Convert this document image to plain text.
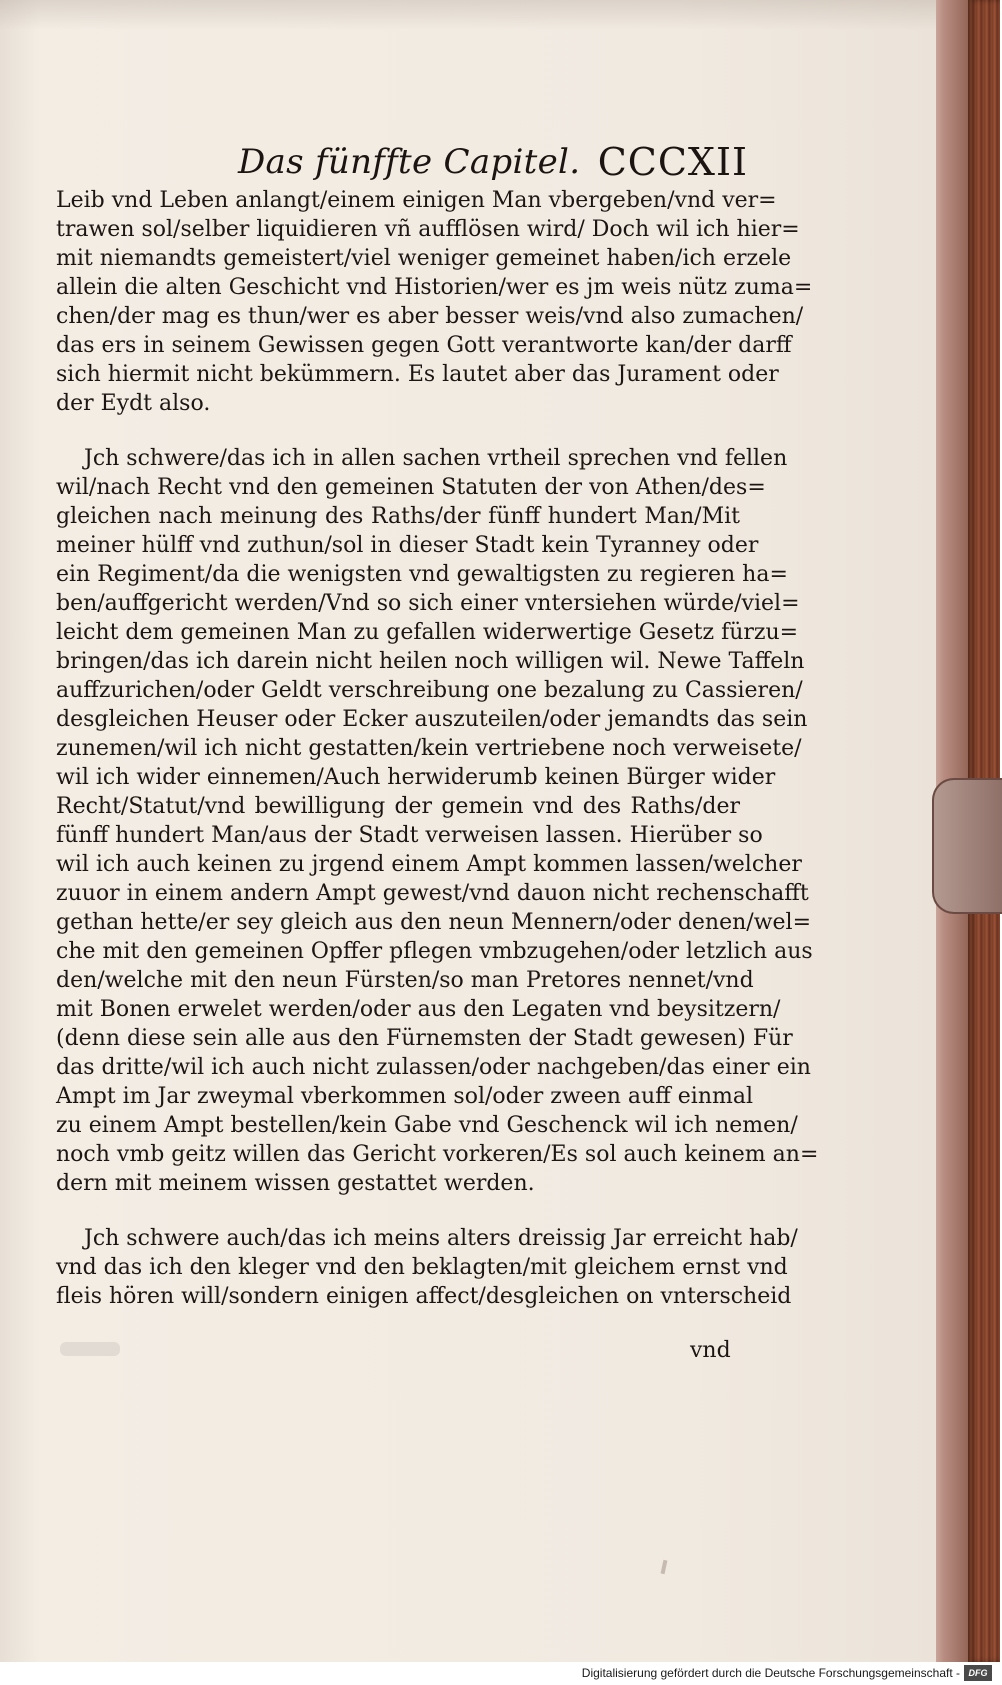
Das fünffte Capitel. CCCXII
Leib vnd Leben anlangt/einem einigen Man vbergeben/vnd ver=
trawen sol/selber liquidieren vñ aufflösen wird/ Doch wil ich hier=
mit niemandts gemeistert/viel weniger gemeinet haben/ich erzele
allein die alten Geschicht vnd Historien/wer es jm weis nütz zuma=
chen/der mag es thun/wer es aber besser weis/vnd also zumachen/
das ers in seinem Gewissen gegen Gott verantworte kan/der darff
sich hiermit nicht bekümmern. Es lautet aber das Jurament oder
der Eydt also.
Jch schwere/das ich in allen sachen vrtheil sprechen vnd fellen
wil/nach Recht vnd den gemeinen Statuten der von Athen/des=
gleichen nach meinung des Raths/der fünff hundert Man/Mit
meiner hülff vnd zuthun/sol in dieser Stadt kein Tyranney oder
ein Regiment/da die wenigsten vnd gewaltigsten zu regieren ha=
ben/auffgericht werden/Vnd so sich einer vntersiehen würde/viel=
leicht dem gemeinen Man zu gefallen widerwertige Gesetz fürzu=
bringen/das ich darein nicht heilen noch willigen wil. Newe Taffeln
auffzurichen/oder Geldt verschreibung one bezalung zu Cassieren/
desgleichen Heuser oder Ecker auszuteilen/oder jemandts das sein
zunemen/wil ich nicht gestatten/kein vertriebene noch verweisete/
wil ich wider einnemen/Auch herwiderumb keinen Bürger wider
Recht/Statut/vnd bewilligung der gemein vnd des Raths/der
fünff hundert Man/aus der Stadt verweisen lassen. Hierüber so
wil ich auch keinen zu jrgend einem Ampt kommen lassen/welcher
zuuor in einem andern Ampt gewest/vnd dauon nicht rechenschafft
gethan hette/er sey gleich aus den neun Mennern/oder denen/wel=
che mit den gemeinen Opffer pflegen vmbzugehen/oder letzlich aus
den/welche mit den neun Fürsten/so man Pretores nennet/vnd
mit Bonen erwelet werden/oder aus den Legaten vnd beysitzern/
(denn diese sein alle aus den Fürnemsten der Stadt gewesen) Für
das dritte/wil ich auch nicht zulassen/oder nachgeben/das einer ein
Ampt im Jar zweymal vberkommen sol/oder zween auff einmal
zu einem Ampt bestellen/kein Gabe vnd Geschenck wil ich nemen/
noch vmb geitz willen das Gericht vorkeren/Es sol auch keinem an=
dern mit meinem wissen gestattet werden.
Jch schwere auch/das ich meins alters dreissig Jar erreicht hab/
vnd das ich den kleger vnd den beklagten/mit gleichem ernst vnd
fleis hören will/sondern einigen affect/desgleichen on vnterscheid
vnd
Digitalisierung gefördert durch die Deutsche Forschungsgemeinschaft - DFG
